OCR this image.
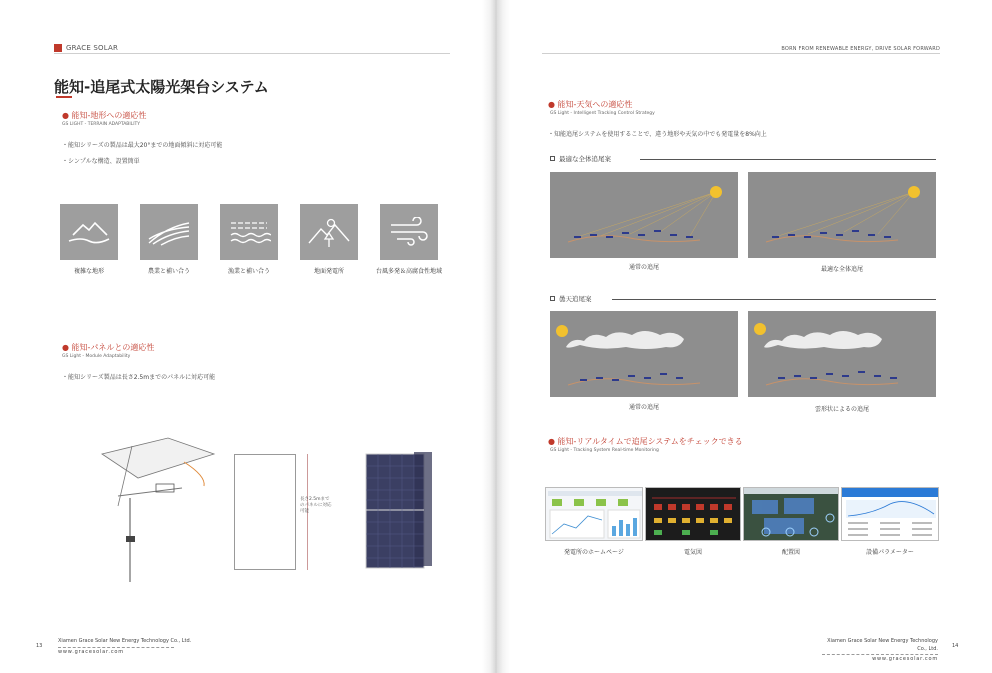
GRACE SOLAR
能知-追尾式太陽光架台システム
● 能知-地形への適応性
GS LIGHT - TERRAIN ADAPTABILITY
・能知シリーズの製品は最大20°までの地面傾斜に対応可能
・シンプルな構造、設置簡単
複雑な地形	農業と補い合う	漁業と補い合う	地面発電所	台風多発＆高腐食性地域
● 能知-パネルとの適応性
GS Light - Module Adaptability
・能知シリーズ製品は長さ2.5mまでのパネルに対応可能
長さ2.5mまで
のパネルに対応
可能
13
Xiamen Grace Solar New Energy Technology Co., Ltd.
www.gracesolar.com
BORN FROM RENEWABLE ENERGY, DRIVE SOLAR FORWARD
● 能知-天気への適応性
GS Light - Intelligent Tracking Control Strategy
・知能追尾システムを使用することで、違う地形や天気の中でも発電量を8%向上
最適な全体追尾案
通常の追尾	最適な全体追尾
曇天追尾案
通常の追尾	雲形状によるの追尾
● 能知-リアルタイムで追尾システムをチェックできる
GS Light - Tracking System Real-time Monitoring
発電所のホームページ	電気図	配置図	設備パラメーター
Xiamen Grace Solar New Energy Technology Co., Ltd.
www.gracesolar.com
14
